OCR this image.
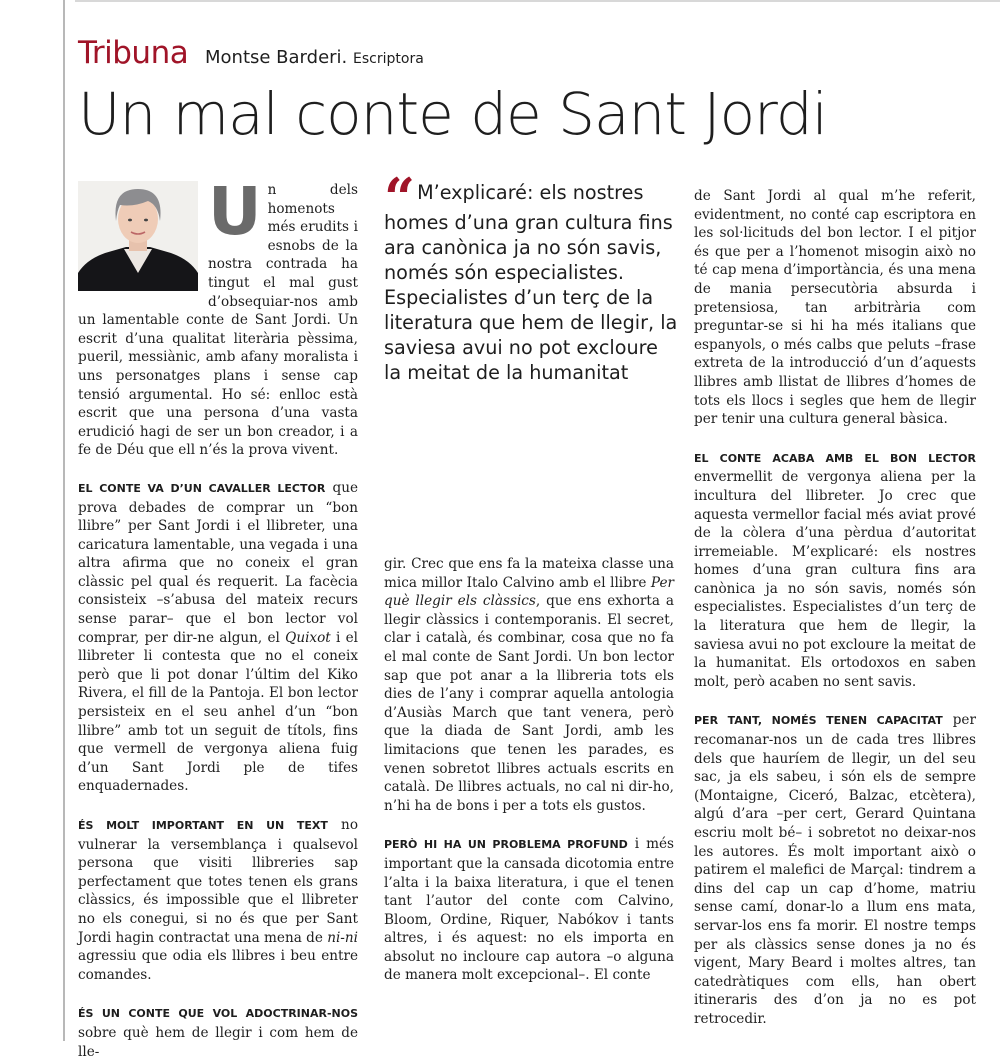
Tribuna Montse Barderi. Escriptora
Un mal conte de Sant Jordi

Un dels homenots més erudits i esnobs de la nostra contrada ha tingut el mal gust d’obsequiar-nos amb un lamentable conte de Sant Jordi. Un escrit d’una qualitat literària pèssima, pueril, messiànic, amb afany moralista i uns personatges plans i sense cap tensió argumental. Ho sé: enlloc està escrit que una persona d’una vasta erudició hagi de ser un bon creador, i a fe de Déu que ell n’és la prova vivent.

EL CONTE VA D’UN CAVALLER LECTOR que prova debades de comprar un “bon llibre” per Sant Jordi i el llibreter, una caricatura lamentable, una vegada i una altra afirma que no coneix el gran clàssic pel qual és requerit. La facècia consisteix –s’abusa del mateix recurs sense parar– que el bon lector vol comprar, per dir-ne algun, el Quixot i el llibreter li contesta que no el coneix però que li pot donar l’últim del Kiko Rivera, el fill de la Pantoja. El bon lector persisteix en el seu anhel d’un “bon llibre” amb tot un seguit de títols, fins que vermell de vergonya aliena fuig d’un Sant Jordi ple de tifes enquadernades.

ÉS MOLT IMPORTANT EN UN TEXT no vulnerar la versemblança i qualsevol persona que visiti llibreries sap perfectament que totes tenen els grans clàssics, és impossible que el llibreter no els conegui, si no és que per Sant Jordi hagin contractat una mena de ni-ni agressiu que odia els llibres i beu entre comandes.

ÉS UN CONTE QUE VOL ADOCTRINAR-NOS sobre què hem de llegir i com hem de lle-

“ M’explicaré: els nostres homes d’una gran cultura fins ara canònica ja no són savis, només són especialistes. Especialistes d’un terç de la literatura que hem de llegir, la saviesa avui no pot excloure la meitat de la humanitat

gir. Crec que ens fa la mateixa classe una mica millor Italo Calvino amb el llibre Per què llegir els clàssics, que ens exhorta a llegir clàssics i contemporanis. El secret, clar i català, és combinar, cosa que no fa el mal conte de Sant Jordi. Un bon lector sap que pot anar a la llibreria tots els dies de l’any i comprar aquella antologia d’Ausiàs March que tant venera, però que la diada de Sant Jordi, amb les limitacions que tenen les parades, es venen sobretot llibres actuals escrits en català. De llibres actuals, no cal ni dir-ho, n’hi ha de bons i per a tots els gustos.

PERÒ HI HA UN PROBLEMA PROFUND i més important que la cansada dicotomia entre l’alta i la baixa literatura, i que el tenen tant l’autor del conte com Calvino, Bloom, Ordine, Riquer, Nabókov i tants altres, i és aquest: no els importa en absolut no incloure cap autora –o alguna de manera molt excepcional–. El conte

de Sant Jordi al qual m’he referit, evidentment, no conté cap escriptora en les sol·licituds del bon lector. I el pitjor és que per a l’homenot misogin això no té cap mena d’importància, és una mena de mania persecutòria absurda i pretensiosa, tan arbitrària com preguntar-se si hi ha més italians que espanyols, o més calbs que peluts –frase extreta de la introducció d’un d’aquests llibres amb llistat de llibres d’homes de tots els llocs i segles que hem de llegir per tenir una cultura general bàsica.

EL CONTE ACABA AMB EL BON LECTOR envermellit de vergonya aliena per la incultura del llibreter. Jo crec que aquesta vermellor facial més aviat prové de la còlera d’una pèrdua d’autoritat irremeiable. M’explicaré: els nostres homes d’una gran cultura fins ara canònica ja no són savis, només són especialistes. Especialistes d’un terç de la literatura que hem de llegir, la saviesa avui no pot excloure la meitat de la humanitat. Els ortodoxos en saben molt, però acaben no sent savis.

PER TANT, NOMÉS TENEN CAPACITAT per recomanar-nos un de cada tres llibres dels que hauríem de llegir, un del seu sac, ja els sabeu, i són els de sempre (Montaigne, Ciceró, Balzac, etcètera), algú d’ara –per cert, Gerard Quintana escriu molt bé– i sobretot no deixar-nos les autores. És molt important això o patirem el malefici de Marçal: tindrem a dins del cap un cap d’home, matriu sense camí, donar-lo a llum ens mata, servar-los ens fa morir. El nostre temps per als clàssics sense dones ja no és vigent, Mary Beard i moltes altres, tan catedràtiques com ells, han obert itineraris des d’on ja no es pot retrocedir.
